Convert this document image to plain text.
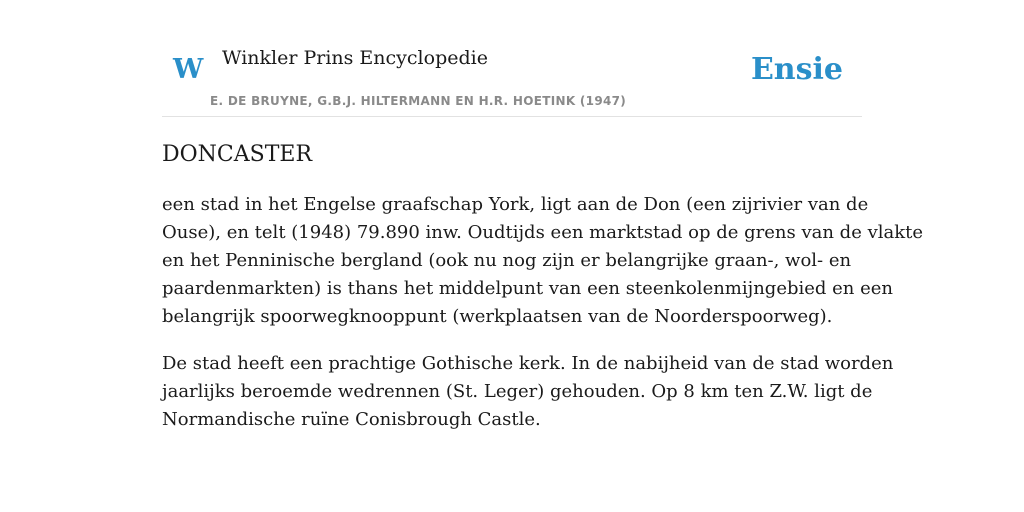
W Winkler Prins Encyclopedie
E. DE BRUYNE, G.B.J. HILTERMANN EN H.R. HOETINK (1947)
Ensie
DONCASTER

een stad in het Engelse graafschap York, ligt aan de Don (een zijrivier van de
Ouse), en telt (1948) 79.890 inw. Oudtijds een marktstad op de grens van de vlakte
en het Penninische bergland (ook nu nog zijn er belangrijke graan-, wol- en
paardenmarkten) is thans het middelpunt van een steenkolenmijngebied en een
belangrijk spoorwegknooppunt (werkplaatsen van de Noorderspoorweg).

De stad heeft een prachtige Gothische kerk. In de nabijheid van de stad worden
jaarlijks beroemde wedrennen (St. Leger) gehouden. Op 8 km ten Z.W. ligt de
Normandische ruïne Conisbrough Castle.
